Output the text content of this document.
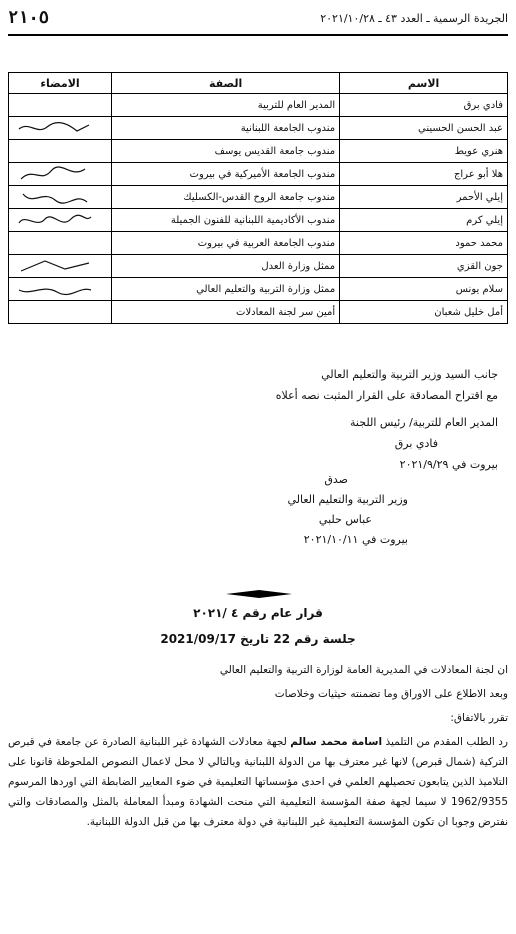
٢١٠٥	الجريدة الرسمية ـ العدد ٤٣ ـ ٢٠٢١/١٠/٢٨
الاسم	الصفة	الامضاء
فادي برق	المدير العام للتربية	
عبد الحسن الحسيني	مندوب الجامعة اللبنانية	

هنري عويط	مندوب جامعة القديس يوسف	
هلا أبو عراج	مندوب الجامعة الأميركية في بيروت	

إيلي الأحمر	مندوب جامعة الروح القدس-الكسليك	

إيلي كرم	مندوب الأكاديمية اللبنانية للفنون الجميلة	

محمد حمود	مندوب الجامعة العربية في بيروت	
جون القزي	ممثل وزارة العدل	

سلام يونس	ممثل وزارة التربية والتعليم العالي	

أمل خليل شعبان	أمين سر لجنة المعادلات	
جانب السيد وزير التربية والتعليم العالي
مع اقتراح المصادقة على القرار المثبت نصه أعلاه
المدير العام للتربية/ رئيس اللجنة
فادي برق
بيروت في ٢٠٢١/٩/٢٩
صدق
وزير التربية والتعليم العالي
عباس حلبي
بيروت في ٢٠٢١/١٠/١١
قرار عام رقم ٤ /٢٠٢١
جلسة رقم 22 تاريخ 2021/09/17
ان لجنة المعادلات في المديرية العامة لوزارة التربية والتعليم العالي
وبعد الاطلاع على الاوراق وما تضمنته حيثيات وخلاصات
تقرر بالاتفاق:
رد الطلب المقدم من التلميذ اسامة محمد سالم لجهة معادلات الشهادة غير اللبنانية الصادرة عن جامعة في قبرص التركية (شمال قبرص) لانها غير معترف بها من الدولة اللبنانية وبالتالي لا محل لاعمال النصوص الملحوظة قانونا على التلاميذ الذين يتابعون تحصيلهم العلمي في احدى مؤسساتها التعليمية في ضوء المعايير الضابطة التي اوردها المرسوم 1962/9355 لا سيما لجهة صفة المؤسسة التعليمية التي منحت الشهادة ومبدأ المعاملة بالمثل والمصادقات والتي نفترض وجوبا ان تكون المؤسسة التعليمية غير اللبنانية في دولة معترف بها من قبل الدولة اللبنانية.
